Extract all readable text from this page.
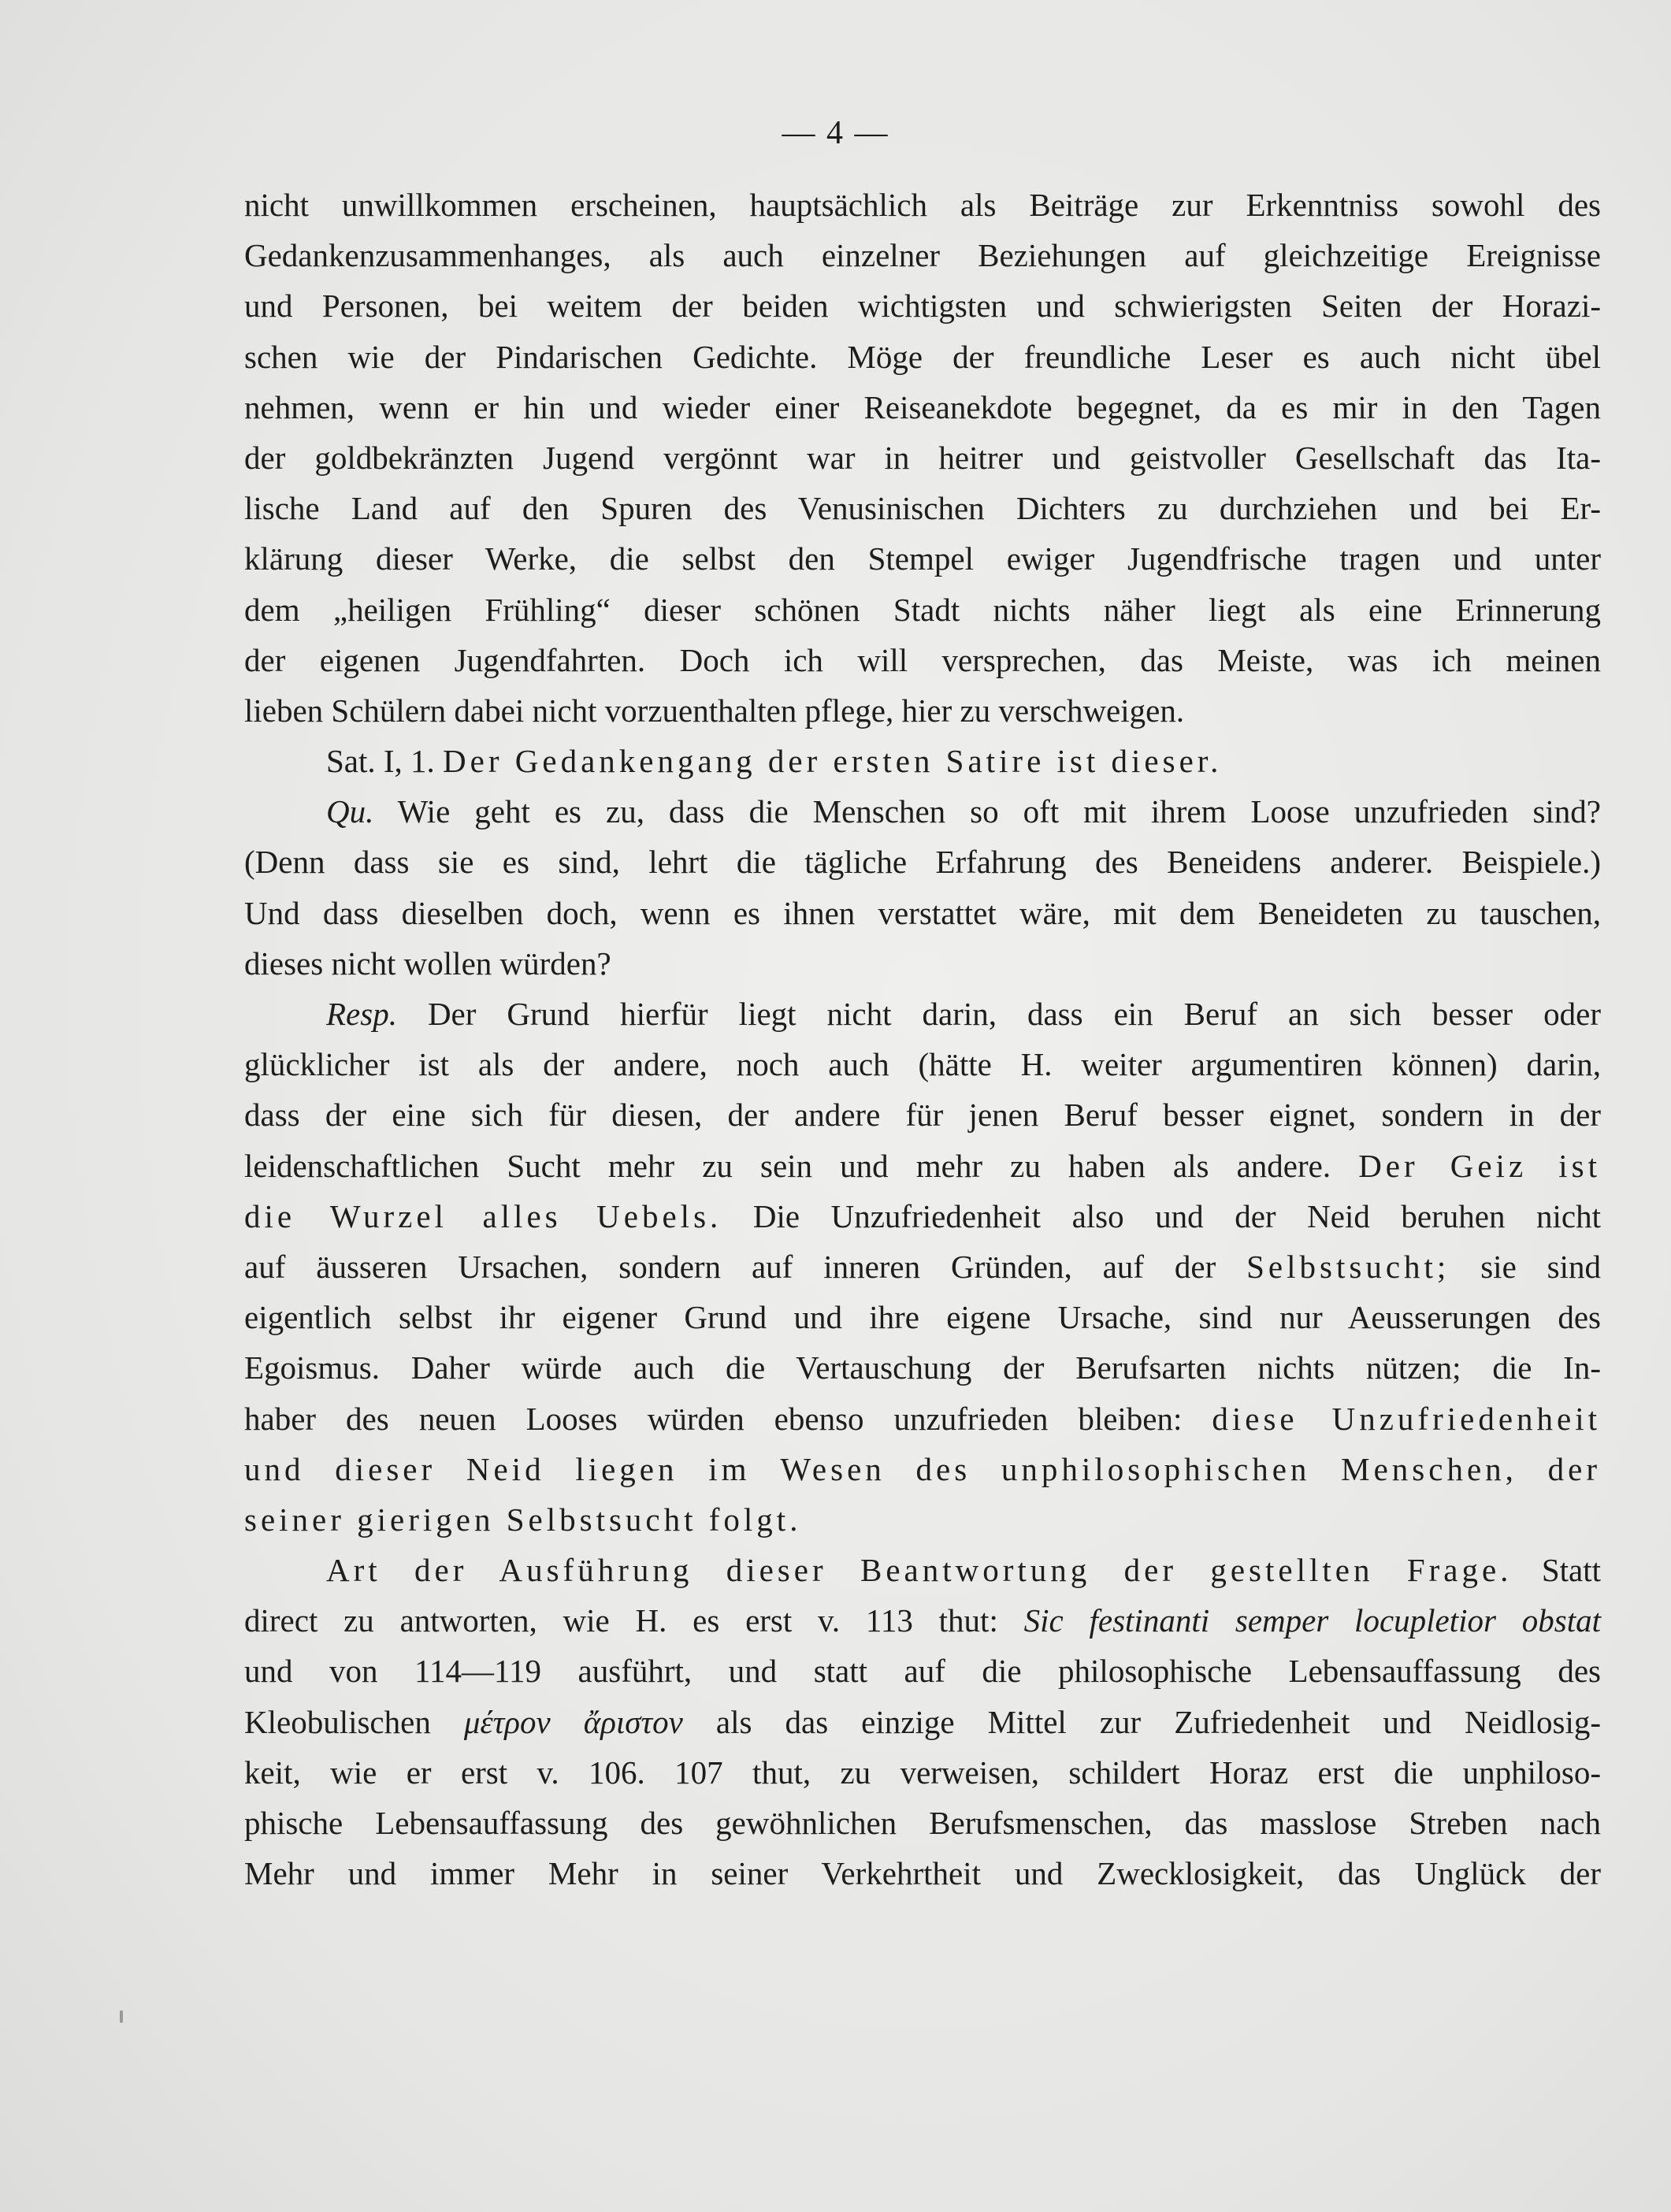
— 4 —
nicht unwillkommen erscheinen, hauptsächlich als Beiträge zur Erkenntniss sowohl des
Gedankenzusammenhanges, als auch einzelner Beziehungen auf gleichzeitige Ereignisse
und Personen, bei weitem der beiden wichtigsten und schwierigsten Seiten der Horazi-
schen wie der Pindarischen Gedichte. Möge der freundliche Leser es auch nicht übel
nehmen, wenn er hin und wieder einer Reiseanekdote begegnet, da es mir in den Tagen
der goldbekränzten Jugend vergönnt war in heitrer und geistvoller Gesellschaft das Ita-
lische Land auf den Spuren des Venusinischen Dichters zu durchziehen und bei Er-
klärung dieser Werke, die selbst den Stempel ewiger Jugendfrische tragen und unter
dem „heiligen Frühling“ dieser schönen Stadt nichts näher liegt als eine Erinnerung
der eigenen Jugendfahrten. Doch ich will versprechen, das Meiste, was ich meinen
lieben Schülern dabei nicht vorzuenthalten pflege, hier zu verschweigen.
Sat. I, 1. Der Gedankengang der ersten Satire ist dieser.
Qu. Wie geht es zu, dass die Menschen so oft mit ihrem Loose unzufrieden sind?
(Denn dass sie es sind, lehrt die tägliche Erfahrung des Beneidens anderer. Beispiele.)
Und dass dieselben doch, wenn es ihnen verstattet wäre, mit dem Beneideten zu tauschen,
dieses nicht wollen würden?
Resp. Der Grund hierfür liegt nicht darin, dass ein Beruf an sich besser oder
glücklicher ist als der andere, noch auch (hätte H. weiter argumentiren können) darin,
dass der eine sich für diesen, der andere für jenen Beruf besser eignet, sondern in der
leidenschaftlichen Sucht mehr zu sein und mehr zu haben als andere. Der Geiz ist
die Wurzel alles Uebels. Die Unzufriedenheit also und der Neid beruhen nicht
auf äusseren Ursachen, sondern auf inneren Gründen, auf der Selbstsucht; sie sind
eigentlich selbst ihr eigener Grund und ihre eigene Ursache, sind nur Aeusserungen des
Egoismus. Daher würde auch die Vertauschung der Berufsarten nichts nützen; die In-
haber des neuen Looses würden ebenso unzufrieden bleiben: diese Unzufriedenheit
und dieser Neid liegen im Wesen des unphilosophischen Menschen, der
seiner gierigen Selbstsucht folgt.
Art der Ausführung dieser Beantwortung der gestellten Frage. Statt
direct zu antworten, wie H. es erst v. 113 thut: Sic festinanti semper locupletior obstat
und von 114—119 ausführt, und statt auf die philosophische Lebensauffassung des
Kleobulischen μέτρον ἄριστον als das einzige Mittel zur Zufriedenheit und Neidlosig-
keit, wie er erst v. 106. 107 thut, zu verweisen, schildert Horaz erst die unphiloso-
phische Lebensauffassung des gewöhnlichen Berufsmenschen, das masslose Streben nach
Mehr und immer Mehr in seiner Verkehrtheit und Zwecklosigkeit, das Unglück der
